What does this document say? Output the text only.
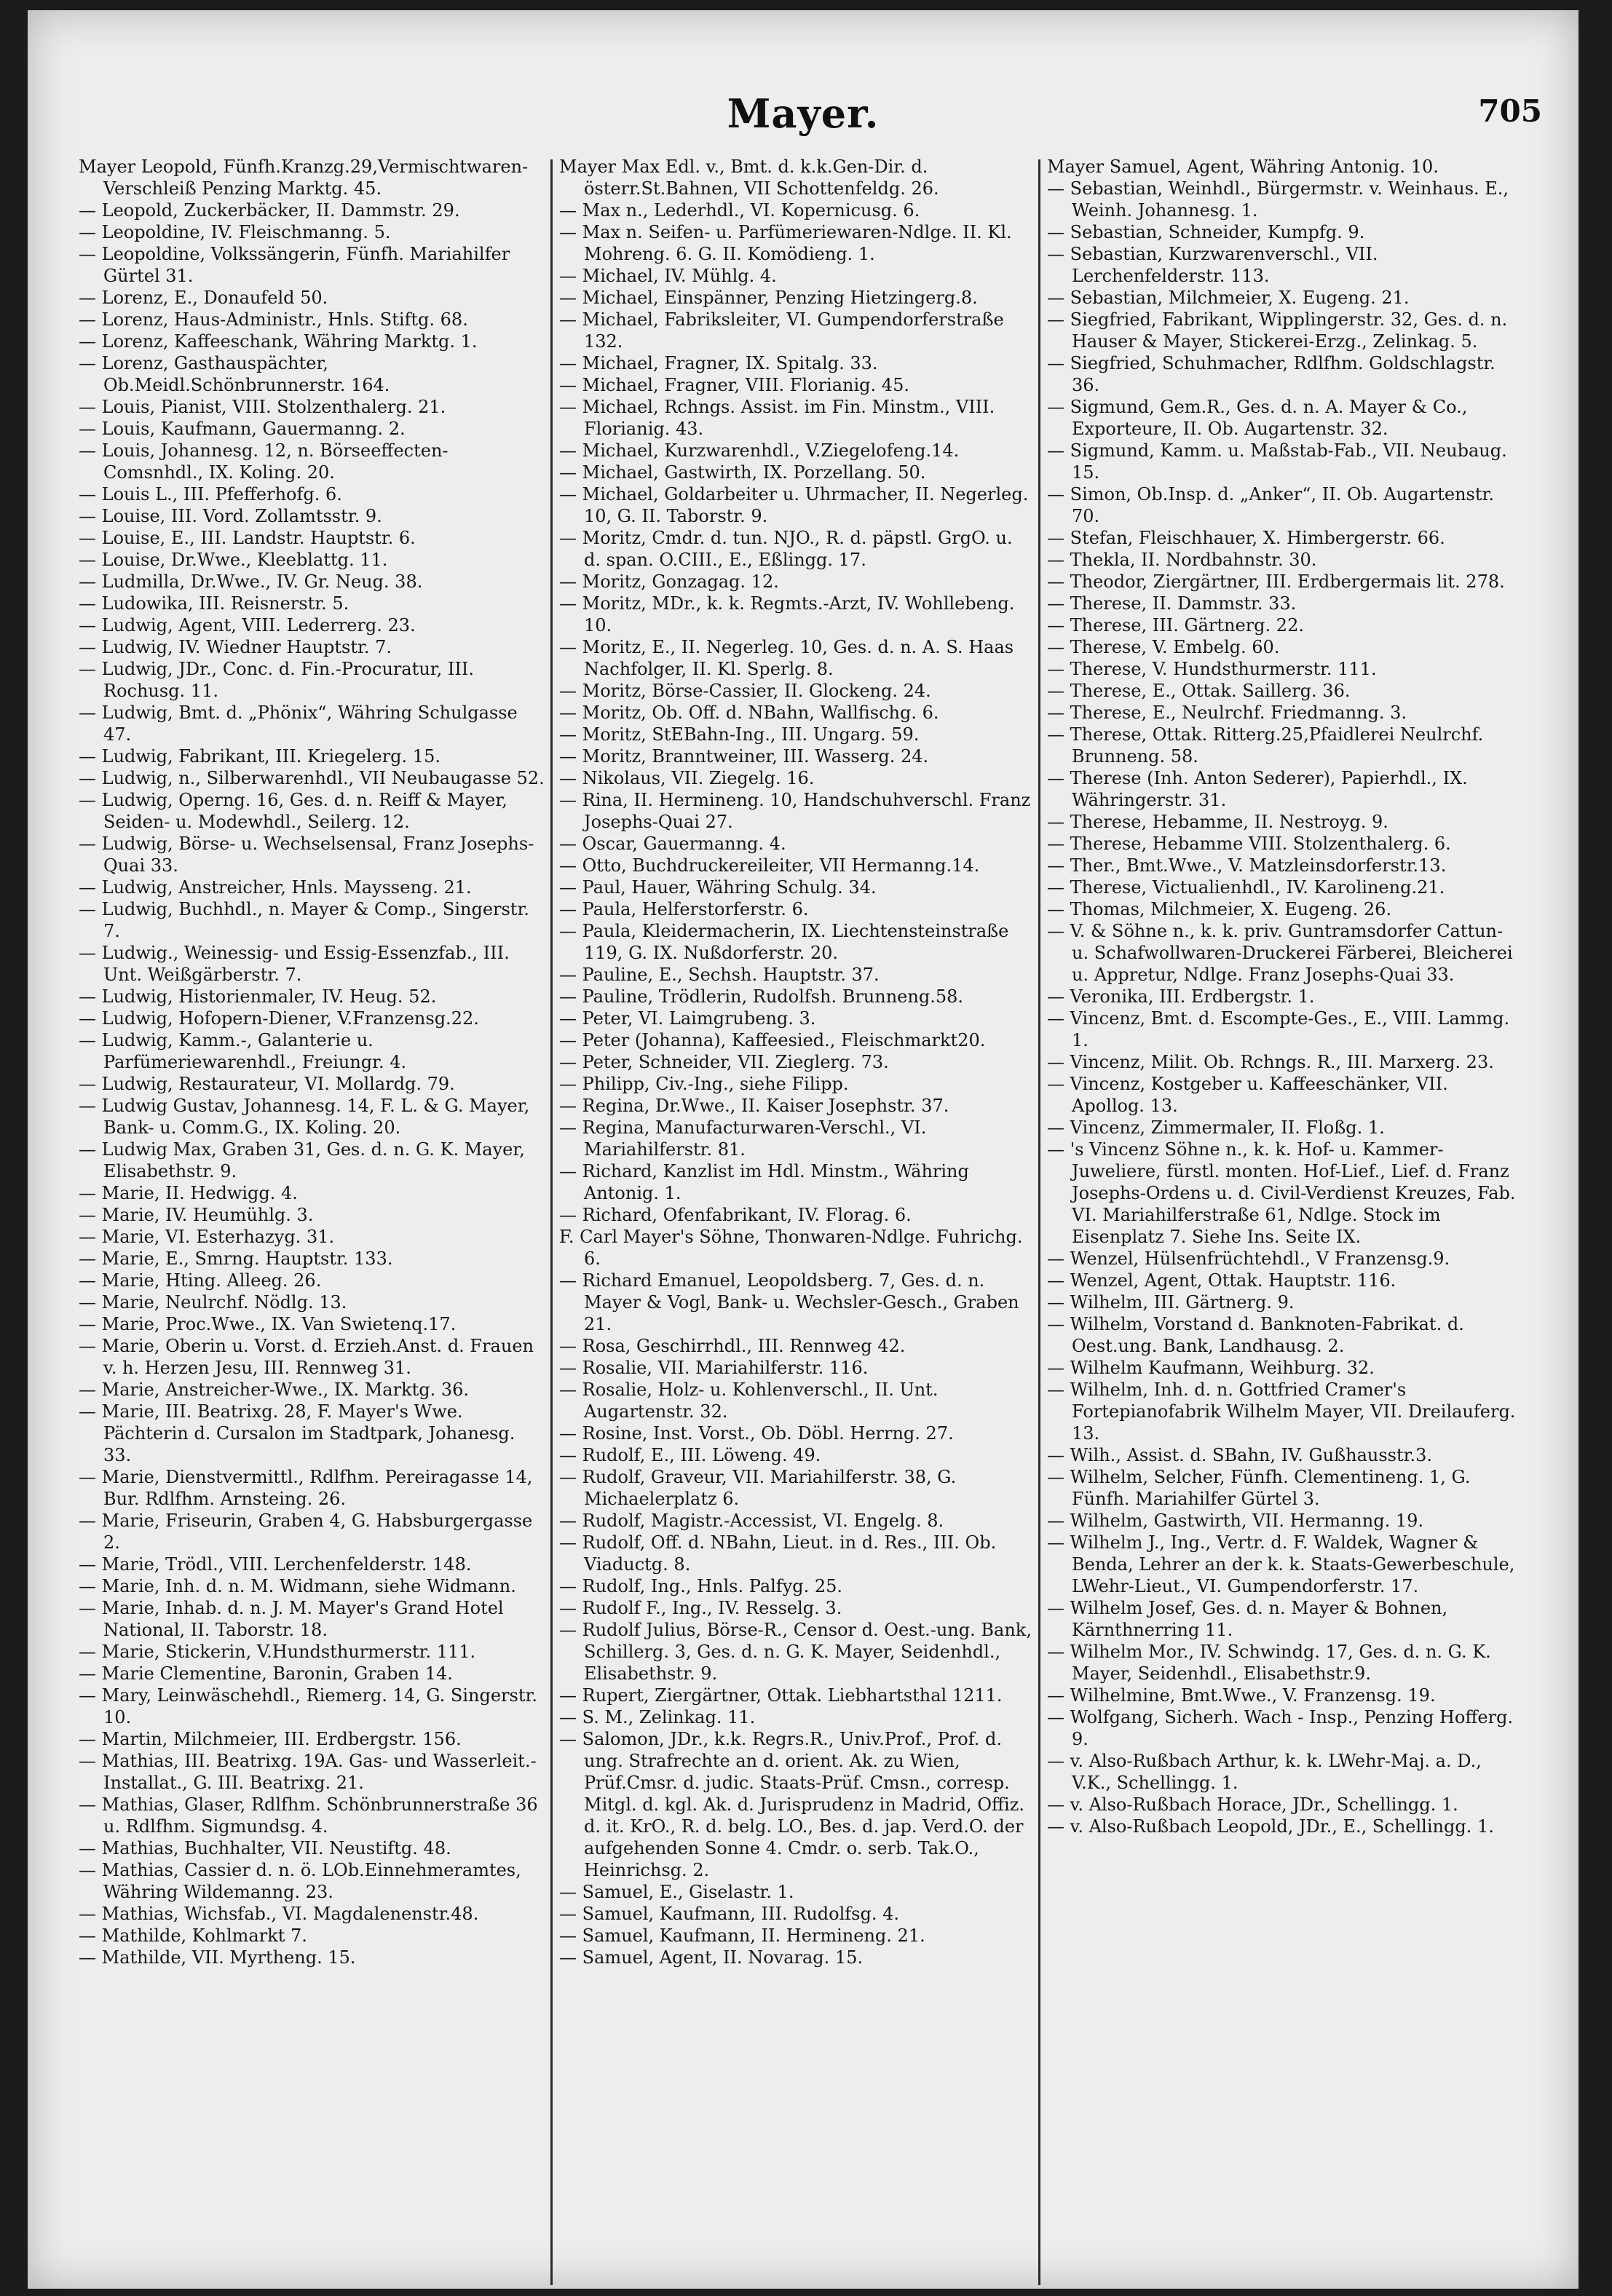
Mayer.	705

Mayer Leopold, Fünfh.Kranzg.29,Vermischtwaren-Verschleiß Penzing Marktg. 45.

— Leopold, Zuckerbäcker, II. Dammstr. 29.

— Leopoldine, IV. Fleischmanng. 5.

— Leopoldine, Volkssängerin, Fünfh. Mariahilfer Gürtel 31.

— Lorenz, E., Donaufeld 50.

— Lorenz, Haus-Administr., Hnls. Stiftg. 68.

— Lorenz, Kaffeeschank, Währing Marktg. 1.

— Lorenz, Gasthauspächter, Ob.Meidl.Schönbrunnerstr. 164.

— Louis, Pianist, VIII. Stolzenthalerg. 21.

— Louis, Kaufmann, Gauermanng. 2.

— Louis, Johannesg. 12, n. Börseeffecten-Comsnhdl., IX. Koling. 20.

— Louis L., III. Pfefferhofg. 6.

— Louise, III. Vord. Zollamtsstr. 9.

— Louise, E., III. Landstr. Hauptstr. 6.

— Louise, Dr.Wwe., Kleeblattg. 11.

— Ludmilla, Dr.Wwe., IV. Gr. Neug. 38.

— Ludowika, III. Reisnerstr. 5.

— Ludwig, Agent, VIII. Lederrerg. 23.

— Ludwig, IV. Wiedner Hauptstr. 7.

— Ludwig, JDr., Conc. d. Fin.-Procuratur, III. Rochusg. 11.

— Ludwig, Bmt. d. „Phönix“, Währing Schulgasse 47.

— Ludwig, Fabrikant, III. Kriegelerg. 15.

— Ludwig, n., Silberwarenhdl., VII Neubaugasse 52.

— Ludwig, Operng. 16, Ges. d. n. Reiff & Mayer, Seiden- u. Modewhdl., Seilerg. 12.

— Ludwig, Börse- u. Wechselsensal, Franz Josephs-Quai 33.

— Ludwig, Anstreicher, Hnls. Maysseng. 21.

— Ludwig, Buchhdl., n. Mayer & Comp., Singerstr. 7.

— Ludwig., Weinessig- und Essig-Essenzfab., III. Unt. Weißgärberstr. 7.

— Ludwig, Historienmaler, IV. Heug. 52.

— Ludwig, Hofopern-Diener, V.Franzensg.22.

— Ludwig, Kamm.-, Galanterie u. Parfümeriewarenhdl., Freiungr. 4.

— Ludwig, Restaurateur, VI. Mollardg. 79.

— Ludwig Gustav, Johannesg. 14, F. L. & G. Mayer, Bank- u. Comm.G., IX. Koling. 20.

— Ludwig Max, Graben 31, Ges. d. n. G. K. Mayer, Elisabethstr. 9.

— Marie, II. Hedwigg. 4.

— Marie, IV. Heumühlg. 3.

— Marie, VI. Esterhazyg. 31.

— Marie, E., Smrng. Hauptstr. 133.

— Marie, Hting. Alleeg. 26.

— Marie, Neulrchf. Nödlg. 13.

— Marie, Proc.Wwe., IX. Van Swietenq.17.

— Marie, Oberin u. Vorst. d. Erzieh.Anst. d. Frauen v. h. Herzen Jesu, III. Rennweg 31.

— Marie, Anstreicher-Wwe., IX. Marktg. 36.

— Marie, III. Beatrixg. 28, F. Mayer's Wwe. Pächterin d. Cursalon im Stadtpark, Johanesg. 33.

— Marie, Dienstvermittl., Rdlfhm. Pereiragasse 14, Bur. Rdlfhm. Arnsteing. 26.

— Marie, Friseurin, Graben 4, G. Habsburgergasse 2.

— Marie, Trödl., VIII. Lerchenfelderstr. 148.

— Marie, Inh. d. n. M. Widmann, siehe Widmann.

— Marie, Inhab. d. n. J. M. Mayer's Grand Hotel National, II. Taborstr. 18.

— Marie, Stickerin, V.Hundsthurmerstr. 111.

— Marie Clementine, Baronin, Graben 14.

— Mary, Leinwäschehdl., Riemerg. 14, G. Singerstr. 10.

— Martin, Milchmeier, III. Erdbergstr. 156.

— Mathias, III. Beatrixg. 19A. Gas- und Wasserleit.-Installat., G. III. Beatrixg. 21.

— Mathias, Glaser, Rdlfhm. Schönbrunnerstraße 36 u. Rdlfhm. Sigmundsg. 4.

— Mathias, Buchhalter, VII. Neustiftg. 48.

— Mathias, Cassier d. n. ö. LOb.Einnehmeramtes, Währing Wildemanng. 23.

— Mathias, Wichsfab., VI. Magdalenenstr.48.

— Mathilde, Kohlmarkt 7.

— Mathilde, VII. Myrtheng. 15.

Mayer Max Edl. v., Bmt. d. k.k.Gen-Dir. d. österr.St.Bahnen, VII Schottenfeldg. 26.

— Max n., Lederhdl., VI. Kopernicusg. 6.

— Max n. Seifen- u. Parfümeriewaren-Ndlge. II. Kl. Mohreng. 6. G. II. Komödieng. 1.

— Michael, IV. Mühlg. 4.

— Michael, Einspänner, Penzing Hietzingerg.8.

— Michael, Fabriksleiter, VI. Gumpendorferstraße 132.

— Michael, Fragner, IX. Spitalg. 33.

— Michael, Fragner, VIII. Florianig. 45.

— Michael, Rchngs. Assist. im Fin. Minstm., VIII. Florianig. 43.

— Michael, Kurzwarenhdl., V.Ziegelofeng.14.

— Michael, Gastwirth, IX. Porzellang. 50.

— Michael, Goldarbeiter u. Uhrmacher, II. Negerleg. 10, G. II. Taborstr. 9.

— Moritz, Cmdr. d. tun. NJO., R. d. päpstl. GrgO. u. d. span. O.CIII., E., Eßlingg. 17.

— Moritz, Gonzagag. 12.

— Moritz, MDr., k. k. Regmts.-Arzt, IV. Wohllebeng. 10.

— Moritz, E., II. Negerleg. 10, Ges. d. n. A. S. Haas Nachfolger, II. Kl. Sperlg. 8.

— Moritz, Börse-Cassier, II. Glockeng. 24.

— Moritz, Ob. Off. d. NBahn, Wallfischg. 6.

— Moritz, StEBahn-Ing., III. Ungarg. 59.

— Moritz, Branntweiner, III. Wasserg. 24.

— Nikolaus, VII. Ziegelg. 16.

— Rina, II. Hermineng. 10, Handschuhverschl. Franz Josephs-Quai 27.

— Oscar, Gauermanng. 4.

— Otto, Buchdruckereileiter, VII Hermanng.14.

— Paul, Hauer, Währing Schulg. 34.

— Paula, Helferstorferstr. 6.

— Paula, Kleidermacherin, IX. Liechtensteinstraße 119, G. IX. Nußdorferstr. 20.

— Pauline, E., Sechsh. Hauptstr. 37.

— Pauline, Trödlerin, Rudolfsh. Brunneng.58.

— Peter, VI. Laimgrubeng. 3.

— Peter (Johanna), Kaffeesied., Fleischmarkt20.

— Peter, Schneider, VII. Zieglerg. 73.

— Philipp, Civ.-Ing., siehe Filipp.

— Regina, Dr.Wwe., II. Kaiser Josephstr. 37.

— Regina, Manufacturwaren-Verschl., VI. Mariahilferstr. 81.

— Richard, Kanzlist im Hdl. Minstm., Währing Antonig. 1.

— Richard, Ofenfabrikant, IV. Florag. 6.

F. Carl Mayer's Söhne, Thonwaren-Ndlge. Fuhrichg. 6.

— Richard Emanuel, Leopoldsberg. 7, Ges. d. n. Mayer & Vogl, Bank- u. Wechsler-Gesch., Graben 21.

— Rosa, Geschirrhdl., III. Rennweg 42.

— Rosalie, VII. Mariahilferstr. 116.

— Rosalie, Holz- u. Kohlenverschl., II. Unt. Augartenstr. 32.

— Rosine, Inst. Vorst., Ob. Döbl. Herrng. 27.

— Rudolf, E., III. Löweng. 49.

— Rudolf, Graveur, VII. Mariahilferstr. 38, G. Michaelerplatz 6.

— Rudolf, Magistr.-Accessist, VI. Engelg. 8.

— Rudolf, Off. d. NBahn, Lieut. in d. Res., III. Ob. Viaductg. 8.

— Rudolf, Ing., Hnls. Palfyg. 25.

— Rudolf F., Ing., IV. Resselg. 3.

— Rudolf Julius, Börse-R., Censor d. Oest.-ung. Bank, Schillerg. 3, Ges. d. n. G. K. Mayer, Seidenhdl., Elisabethstr. 9.

— Rupert, Ziergärtner, Ottak. Liebhartsthal 1211.

— S. M., Zelinkag. 11.

— Salomon, JDr., k.k. Regrs.R., Univ.Prof., Prof. d. ung. Strafrechte an d. orient. Ak. zu Wien, Prüf.Cmsr. d. judic. Staats-Prüf. Cmsn., corresp. Mitgl. d. kgl. Ak. d. Jurisprudenz in Madrid, Offiz. d. it. KrO., R. d. belg. LO., Bes. d. jap. Verd.O. der aufgehenden Sonne 4. Cmdr. o. serb. Tak.O., Heinrichsg. 2.

— Samuel, E., Giselastr. 1.

— Samuel, Kaufmann, III. Rudolfsg. 4.

— Samuel, Kaufmann, II. Hermineng. 21.

— Samuel, Agent, II. Novarag. 15.

Mayer Samuel, Agent, Währing Antonig. 10.

— Sebastian, Weinhdl., Bürgermstr. v. Weinhaus. E., Weinh. Johannesg. 1.

— Sebastian, Schneider, Kumpfg. 9.

— Sebastian, Kurzwarenverschl., VII. Lerchenfelderstr. 113.

— Sebastian, Milchmeier, X. Eugeng. 21.

— Siegfried, Fabrikant, Wipplingerstr. 32, Ges. d. n. Hauser & Mayer, Stickerei-Erzg., Zelinkag. 5.

— Siegfried, Schuhmacher, Rdlfhm. Goldschlagstr. 36.

— Sigmund, Gem.R., Ges. d. n. A. Mayer & Co., Exporteure, II. Ob. Augartenstr. 32.

— Sigmund, Kamm. u. Maßstab-Fab., VII. Neubaug. 15.

— Simon, Ob.Insp. d. „Anker“, II. Ob. Augartenstr. 70.

— Stefan, Fleischhauer, X. Himbergerstr. 66.

— Thekla, II. Nordbahnstr. 30.

— Theodor, Ziergärtner, III. Erdbergermais lit. 278.

— Therese, II. Dammstr. 33.

— Therese, III. Gärtnerg. 22.

— Therese, V. Embelg. 60.

— Therese, V. Hundsthurmerstr. 111.

— Therese, E., Ottak. Saillerg. 36.

— Therese, E., Neulrchf. Friedmanng. 3.

— Therese, Ottak. Ritterg.25,Pfaidlerei Neulrchf. Brunneng. 58.

— Therese (Inh. Anton Sederer), Papierhdl., IX. Währingerstr. 31.

— Therese, Hebamme, II. Nestroyg. 9.

— Therese, Hebamme VIII. Stolzenthalerg. 6.

— Ther., Bmt.Wwe., V. Matzleinsdorferstr.13.

— Therese, Victualienhdl., IV. Karolineng.21.

— Thomas, Milchmeier, X. Eugeng. 26.

— V. & Söhne n., k. k. priv. Guntramsdorfer Cattun- u. Schafwollwaren-Druckerei Färberei, Bleicherei u. Appretur, Ndlge. Franz Josephs-Quai 33.

— Veronika, III. Erdbergstr. 1.

— Vincenz, Bmt. d. Escompte-Ges., E., VIII. Lammg. 1.

— Vincenz, Milit. Ob. Rchngs. R., III. Marxerg. 23.

— Vincenz, Kostgeber u. Kaffeeschänker, VII. Apollog. 13.

— Vincenz, Zimmermaler, II. Floßg. 1.

— 's Vincenz Söhne n., k. k. Hof- u. Kammer-Juweliere, fürstl. monten. Hof-Lief., Lief. d. Franz Josephs-Ordens u. d. Civil-Verdienst Kreuzes, Fab. VI. Mariahilferstraße 61, Ndlge. Stock im Eisenplatz 7. Siehe Ins. Seite IX.

— Wenzel, Hülsenfrüchtehdl., V Franzensg.9.

— Wenzel, Agent, Ottak. Hauptstr. 116.

— Wilhelm, III. Gärtnerg. 9.

— Wilhelm, Vorstand d. Banknoten-Fabrikat. d. Oest.ung. Bank, Landhausg. 2.

— Wilhelm Kaufmann, Weihburg. 32.

— Wilhelm, Inh. d. n. Gottfried Cramer's Fortepianofabrik Wilhelm Mayer, VII. Dreilauferg. 13.

— Wilh., Assist. d. SBahn, IV. Gußhausstr.3.

— Wilhelm, Selcher, Fünfh. Clementineng. 1, G. Fünfh. Mariahilfer Gürtel 3.

— Wilhelm, Gastwirth, VII. Hermanng. 19.

— Wilhelm J., Ing., Vertr. d. F. Waldek, Wagner & Benda, Lehrer an der k. k. Staats-Gewerbeschule, LWehr-Lieut., VI. Gumpendorferstr. 17.

— Wilhelm Josef, Ges. d. n. Mayer & Bohnen, Kärnthnerring 11.

— Wilhelm Mor., IV. Schwindg. 17, Ges. d. n. G. K. Mayer, Seidenhdl., Elisabethstr.9.

— Wilhelmine, Bmt.Wwe., V. Franzensg. 19.

— Wolfgang, Sicherh. Wach - Insp., Penzing Hofferg. 9.

— v. Also-Rußbach Arthur, k. k. LWehr-Maj. a. D., V.K., Schellingg. 1.

— v. Also-Rußbach Horace, JDr., Schellingg. 1.

— v. Also-Rußbach Leopold, JDr., E., Schellingg. 1.
